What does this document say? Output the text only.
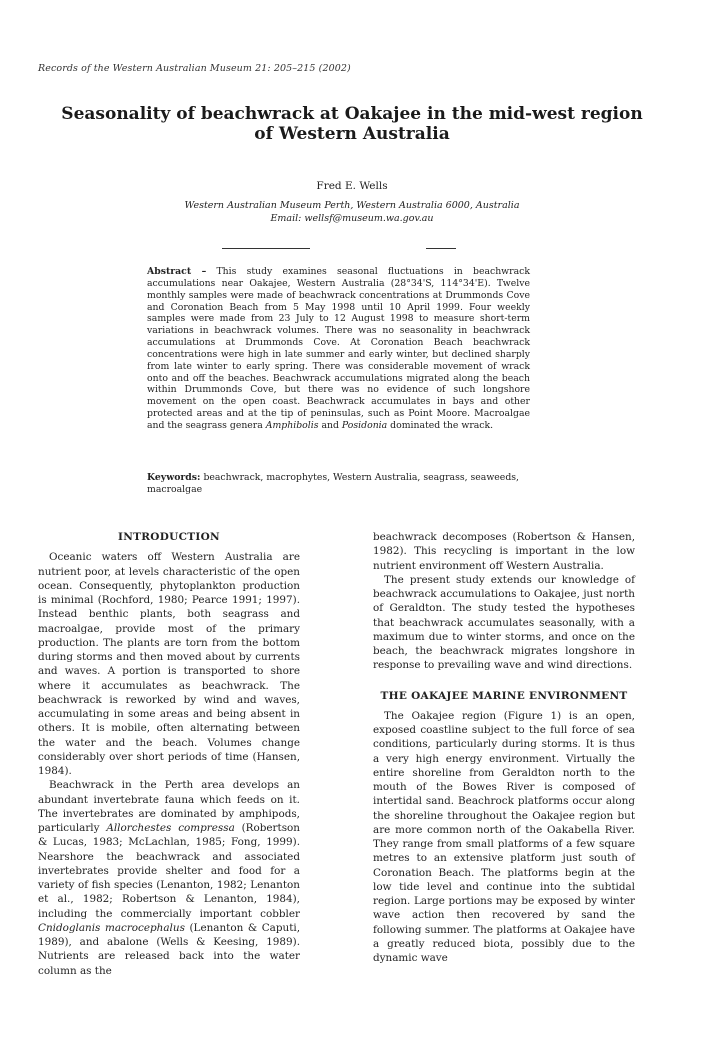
Records of the Western Australian Museum 21: 205–215 (2002)
Seasonality of beachwrack at Oakajee in the mid-west region of Western Australia
Fred E. Wells
Western Australian Museum Perth, Western Australia 6000, Australia
Email: wellsf@museum.wa.gov.au
Abstract – This study examines seasonal fluctuations in beachwrack accumulations near Oakajee, Western Australia (28°34'S, 114°34'E). Twelve monthly samples were made of beachwrack concentrations at Drummonds Cove and Coronation Beach from 5 May 1998 until 10 April 1999. Four weekly samples were made from 23 July to 12 August 1998 to measure short-term variations in beachwrack volumes. There was no seasonality in beachwrack accumulations at Drummonds Cove. At Coronation Beach beachwrack concentrations were high in late summer and early winter, but declined sharply from late winter to early spring. There was considerable movement of wrack onto and off the beaches. Beachwrack accumulations migrated along the beach within Drummonds Cove, but there was no evidence of such longshore movement on the open coast. Beachwrack accumulates in bays and other protected areas and at the tip of peninsulas, such as Point Moore. Macroalgae and the seagrass genera Amphibolis and Posidonia dominated the wrack.
Keywords: beachwrack, macrophytes, Western Australia, seagrass, seaweeds, macroalgae
INTRODUCTION

Oceanic waters off Western Australia are nutrient poor, at levels characteristic of the open ocean. Consequently, phytoplankton production is minimal (Rochford, 1980; Pearce 1991; 1997). Instead benthic plants, both seagrass and macroalgae, provide most of the primary production. The plants are torn from the bottom during storms and then moved about by currents and waves. A portion is transported to shore where it accumulates as beachwrack. The beachwrack is reworked by wind and waves, accumulating in some areas and being absent in others. It is mobile, often alternating between the water and the beach. Volumes change considerably over short periods of time (Hansen, 1984).

Beachwrack in the Perth area develops an abundant invertebrate fauna which feeds on it. The invertebrates are dominated by amphipods, particularly Allorchestes compressa (Robertson & Lucas, 1983; McLachlan, 1985; Fong, 1999). Nearshore the beachwrack and associated invertebrates provide shelter and food for a variety of fish species (Lenanton, 1982; Lenanton et al., 1982; Robertson & Lenanton, 1984), including the commercially important cobbler Cnidoglanis macrocephalus (Lenanton & Caputi, 1989), and abalone (Wells & Keesing, 1989). Nutrients are released back into the water column as the

beachwrack decomposes (Robertson & Hansen, 1982). This recycling is important in the low nutrient environment off Western Australia.

The present study extends our knowledge of beachwrack accumulations to Oakajee, just north of Geraldton. The study tested the hypotheses that beachwrack accumulates seasonally, with a maximum due to winter storms, and once on the beach, the beachwrack migrates longshore in response to prevailing wave and wind directions.

THE OAKAJEE MARINE ENVIRONMENT

The Oakajee region (Figure 1) is an open, exposed coastline subject to the full force of sea conditions, particularly during storms. It is thus a very high energy environment. Virtually the entire shoreline from Geraldton north to the mouth of the Bowes River is composed of intertidal sand. Beachrock platforms occur along the shoreline throughout the Oakajee region but are more common north of the Oakabella River. They range from small platforms of a few square metres to an extensive platform just south of Coronation Beach. The platforms begin at the low tide level and continue into the subtidal region. Large portions may be exposed by winter wave action then recovered by sand the following summer. The platforms at Oakajee have a greatly reduced biota, possibly due to the dynamic wave
